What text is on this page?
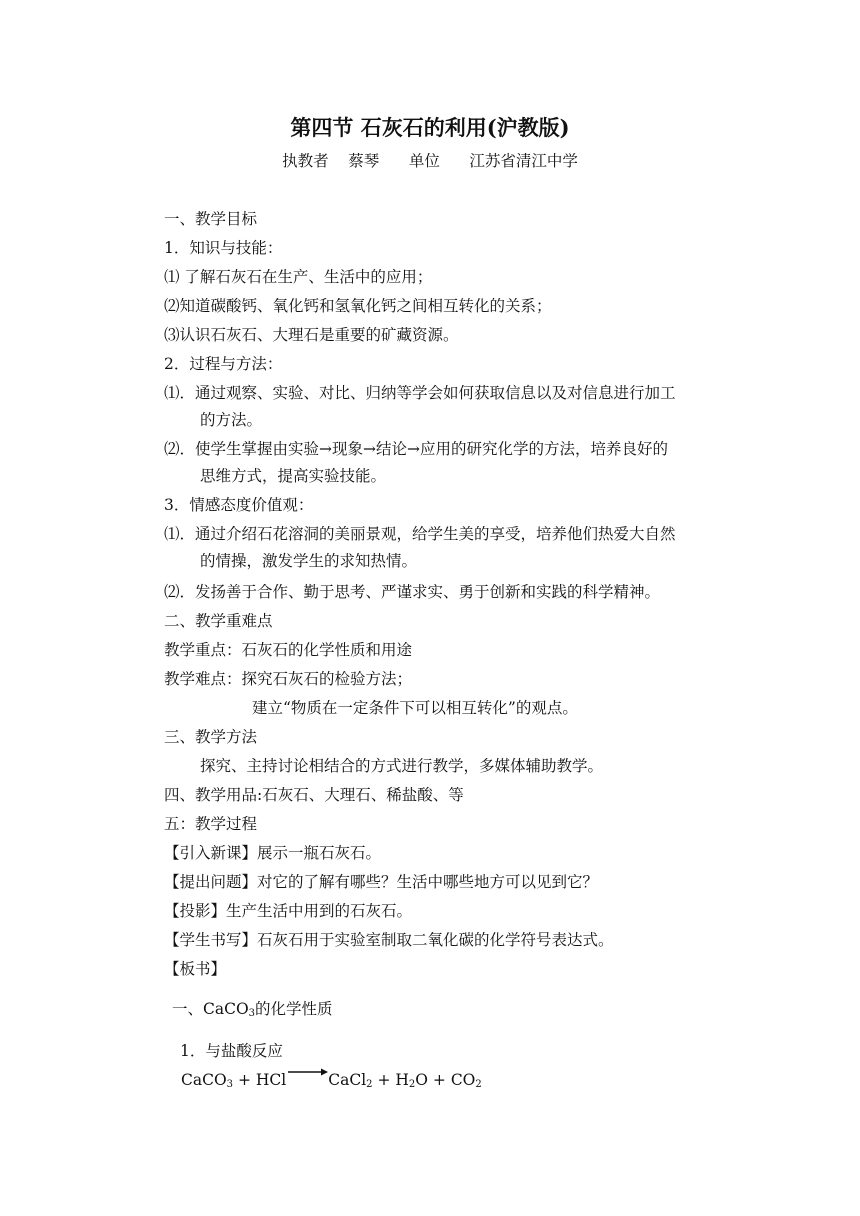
第四节 石灰石的利用(沪教版)
执教者    蔡琴      单位      江苏省清江中学
一、教学目标
1．知识与技能：
⑴ 了解石灰石在生产、生活中的应用；
⑵知道碳酸钙、氧化钙和氢氧化钙之间相互转化的关系；
⑶认识石灰石、大理石是重要的矿藏资源。
2．过程与方法：
⑴．通过观察、实验、对比、归纳等学会如何获取信息以及对信息进行加工
的方法。
⑵．使学生掌握由实验→现象→结论→应用的研究化学的方法，培养良好的
思维方式，提高实验技能。
3．情感态度价值观：
⑴．通过介绍石花溶洞的美丽景观，给学生美的享受，培养他们热爱大自然
的情操，激发学生的求知热情。
⑵．发扬善于合作、勤于思考、严谨求实、勇于创新和实践的科学精神。
二、教学重难点
教学重点：石灰石的化学性质和用途
教学难点：探究石灰石的检验方法；
建立“物质在一定条件下可以相互转化”的观点。
三、教学方法
探究、主持讨论相结合的方式进行教学，多媒体辅助教学。
四、教学用品:石灰石、大理石、稀盐酸、等
五：教学过程
【引入新课】展示一瓶石灰石。
【提出问题】对它的了解有哪些？生活中哪些地方可以见到它？
【投影】生产生活中用到的石灰石。
【学生书写】石灰石用于实验室制取二氧化碳的化学符号表达式。
【板书】
一、CaCO$_3$的化学性质
1．与盐酸反应
CaCO$_3$ + HCl →CaCl$_2$ + $H_2O + CO_2$
